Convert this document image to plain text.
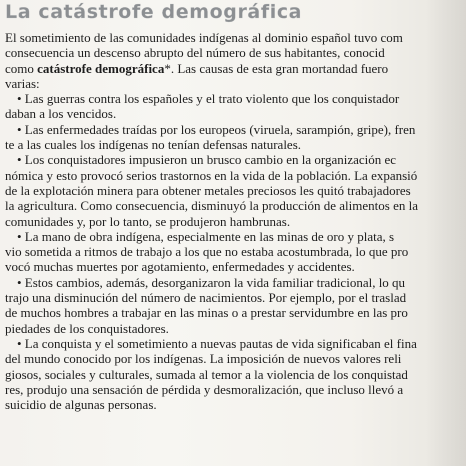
La catástrofe demográfica
El sometimiento de las comunidades indígenas al dominio español tuvo com
consecuencia un descenso abrupto del número de sus habitantes, conocid
como catástrofe demográfica*. Las causas de esta gran mortandad fuero
varias:
• Las guerras contra los españoles y el trato violento que los conquistador
daban a los vencidos.
• Las enfermedades traídas por los europeos (viruela, sarampión, gripe), fren
te a las cuales los indígenas no tenían defensas naturales.
• Los conquistadores impusieron un brusco cambio en la organización ec
nómica y esto provocó serios trastornos en la vida de la población. La expansió
de la explotación minera para obtener metales preciosos les quitó trabajadores
la agricultura. Como consecuencia, disminuyó la producción de alimentos en la
comunidades y, por lo tanto, se produjeron hambrunas.
• La mano de obra indígena, especialmente en las minas de oro y plata, s
vio sometida a ritmos de trabajo a los que no estaba acostumbrada, lo que pro
vocó muchas muertes por agotamiento, enfermedades y accidentes.
• Estos cambios, además, desorganizaron la vida familiar tradicional, lo qu
trajo una disminución del número de nacimientos. Por ejemplo, por el traslad
de muchos hombres a trabajar en las minas o a prestar servidumbre en las pro
piedades de los conquistadores.
• La conquista y el sometimiento a nuevas pautas de vida significaban el fina
del mundo conocido por los indígenas. La imposición de nuevos valores reli
giosos, sociales y culturales, sumada al temor a la violencia de los conquistad
res, produjo una sensación de pérdida y desmoralización, que incluso llevó a
suicidio de algunas personas.
